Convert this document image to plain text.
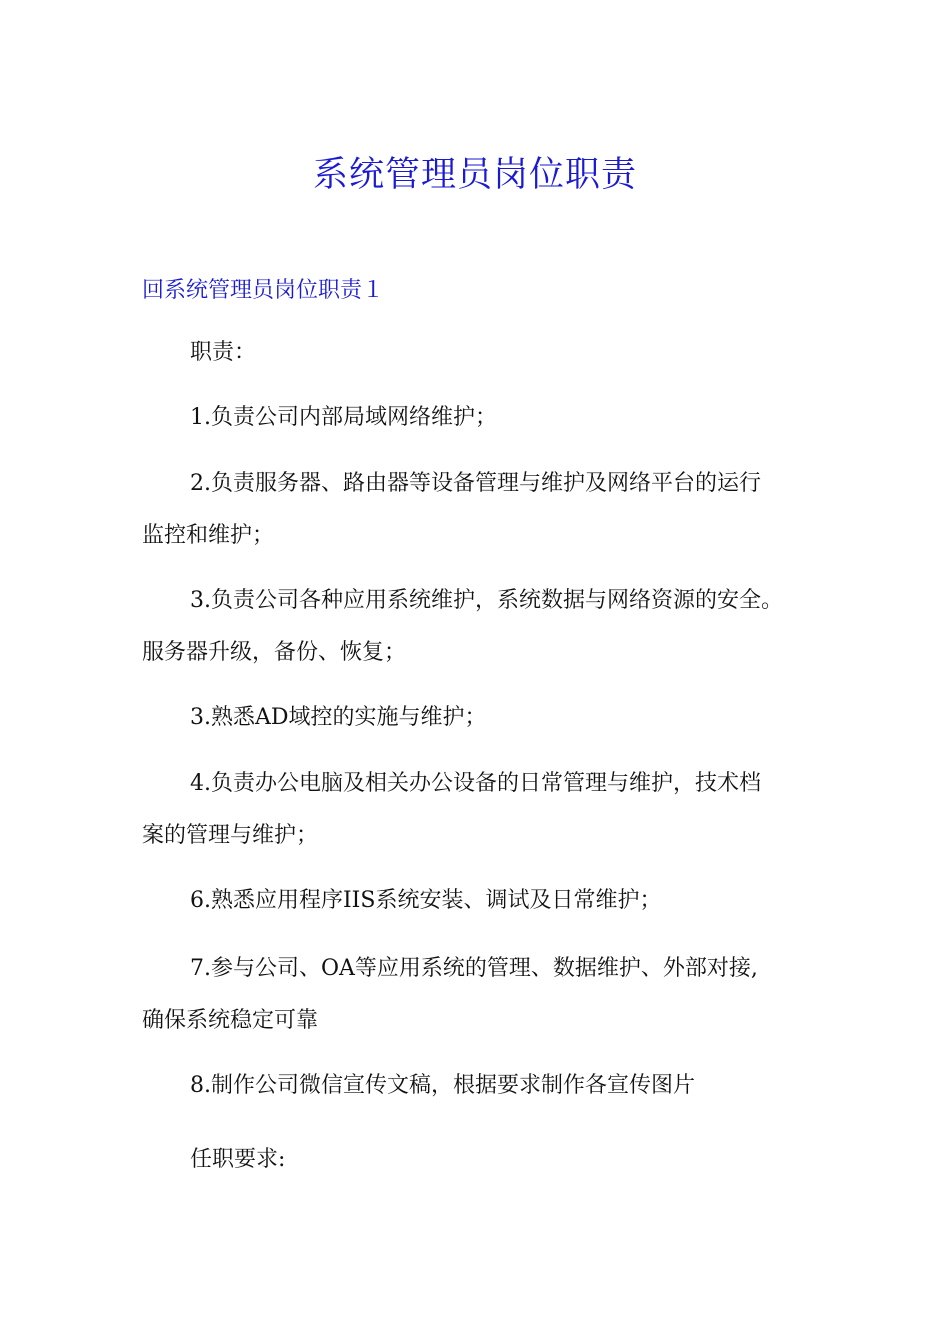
系统管理员岗位职责
回系统管理员岗位职责１

职责：

1.负责公司内部局域网络维护；

2.负责服务器、路由器等设备管理与维护及网络平台的运行

监控和维护；

3.负责公司各种应用系统维护，系统数据与网络资源的安全。

服务器升级，备份、恢复；

3.熟悉AD域控的实施与维护；

4.负责办公电脑及相关办公设备的日常管理与维护，技术档

案的管理与维护；

6.熟悉应用程序IIS系统安装、调试及日常维护；

7.参与公司、OA等应用系统的管理、数据维护、外部对接,

确保系统稳定可靠

8.制作公司微信宣传文稿，根据要求制作各宣传图片

任职要求:
